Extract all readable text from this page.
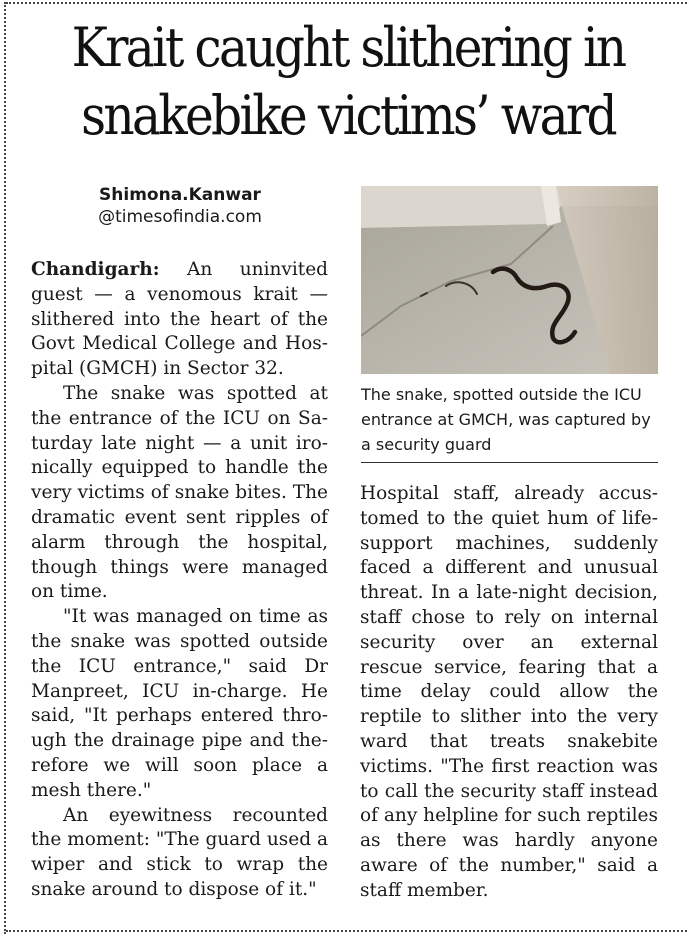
Krait caught slithering in
snakebike victims’ ward
Shimona.Kanwar
@timesofindia.com

Chandigarh: An uninvited guest — a venomous krait — slithered into the heart of the Govt Medical College and Hospital (GMCH) in Sector 32.

The snake was spotted at the entrance of the ICU on Saturday late night — a unit ironically equipped to handle the very victims of snake bites. The dramatic event sent ripples of alarm through the hospital, though things were managed on time.

"It was managed on time as the snake was spotted outside the ICU entrance," said Dr Manpreet, ICU in-charge. He said, "It perhaps entered through the drainage pipe and therefore we will soon place a mesh there."

An eyewitness recounted the moment: "The guard used a wiper and stick to wrap the snake around to dispose of it."

The snake, spotted outside the ICU entrance at GMCH, was captured by a security guard

Hospital staff, already accustomed to the quiet hum of life-support machines, suddenly faced a different and unusual threat. In a late-night decision, staff chose to rely on internal security over an external rescue service, fearing that a time delay could allow the reptile to slither into the very ward that treats snakebite victims. "The first reaction was to call the security staff instead of any helpline for such reptiles as there was hardly anyone aware of the number," said a staff member.
